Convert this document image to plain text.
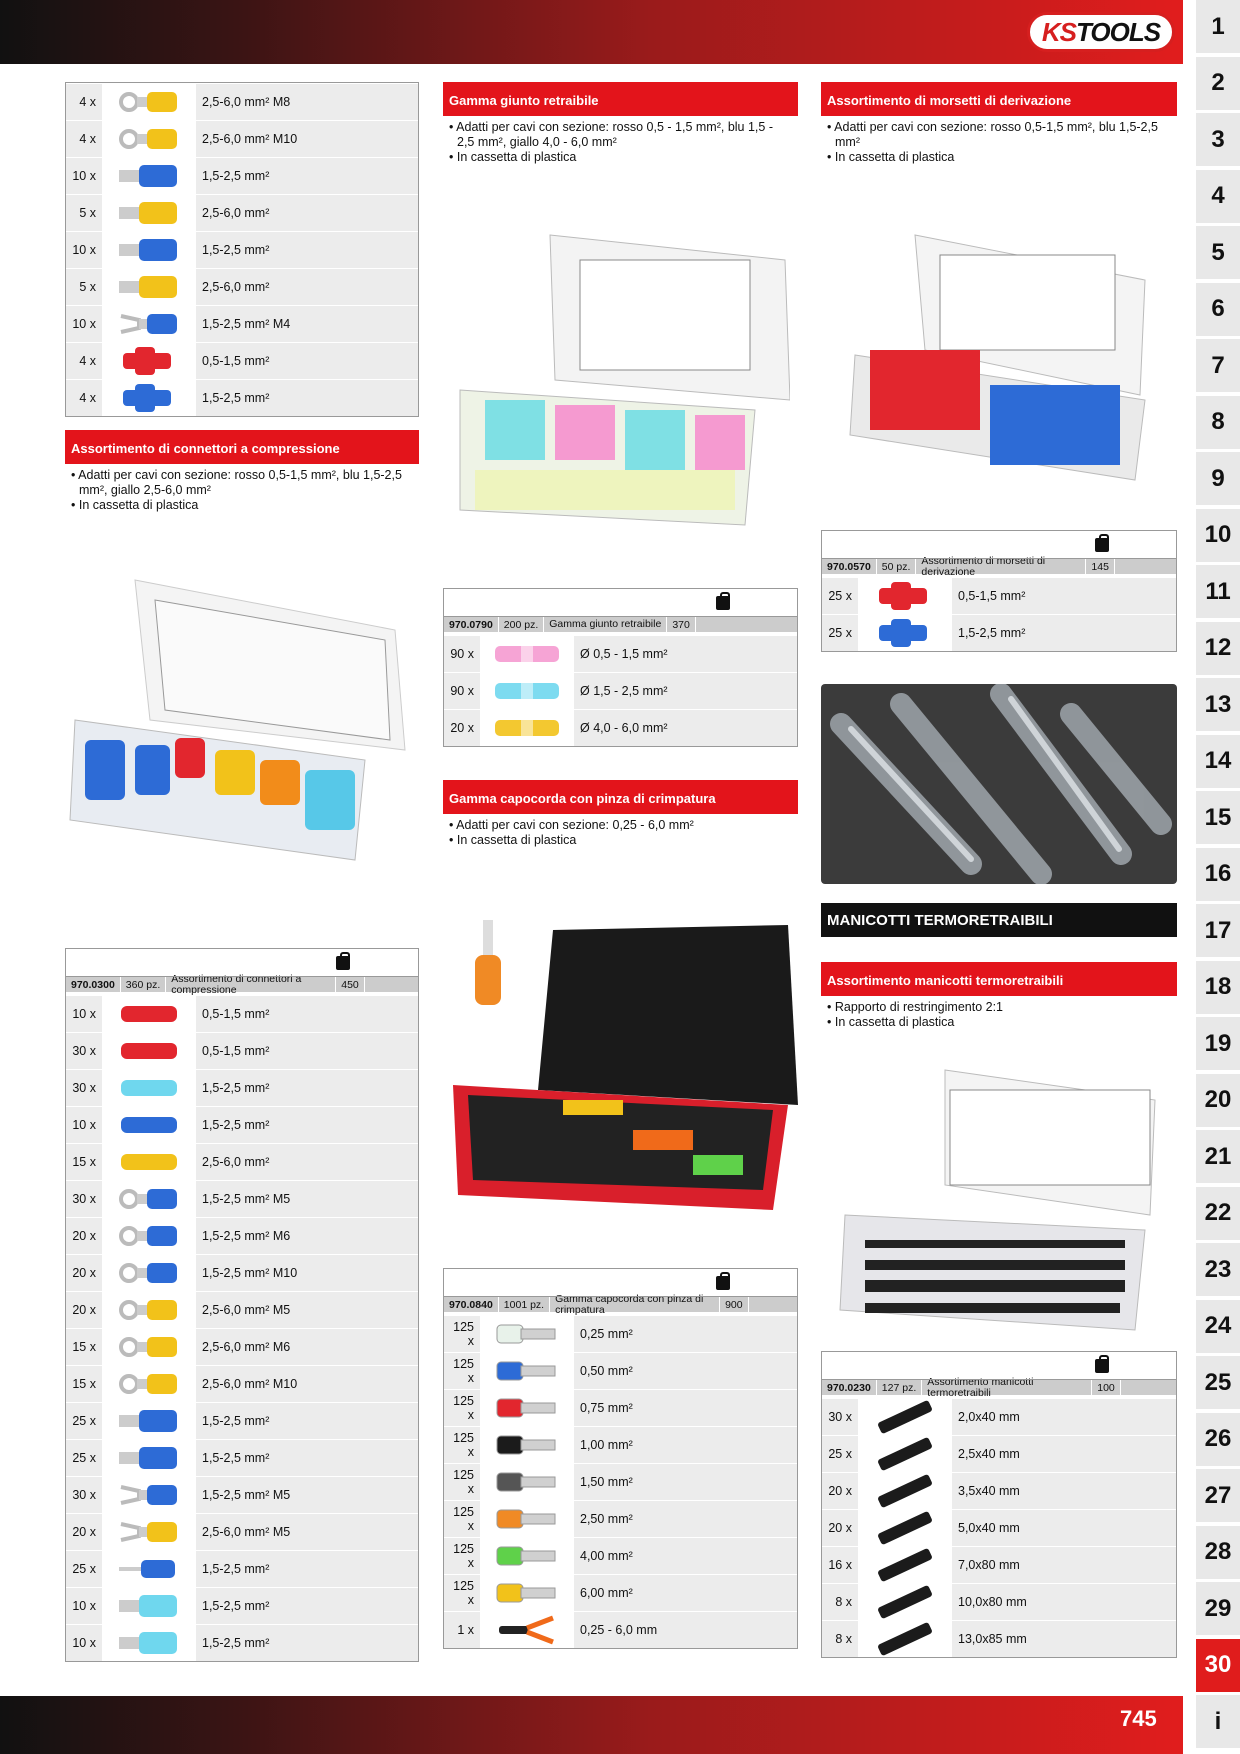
KS TOOLS	1
2
3
4
5
6
7
8
9
10
11
12
13
14
15
16
17
18
19
20
21
22
23
24
25
26
27
28
29
30
i
4 x	2,5-6,0 mm² M8
4 x	2,5-6,0 mm² M10
10 x	1,5-2,5 mm²
5 x	2,5-6,0 mm²
10 x	1,5-2,5 mm²
5 x	2,5-6,0 mm²
10 x	1,5-2,5 mm² M4
4 x	0,5-1,5 mm²
4 x	1,5-2,5 mm²
Assortimento di connettori a compressione
• Adatti per cavi con sezione: rosso 0,5-1,5 mm², blu 1,5-2,5 mm², giallo 2,5-6,0 mm²
• In cassetta di plastica
970.0300	360 pz.	Assortimento di connettori a compressione	450
10 x	0,5-1,5 mm²
30 x	0,5-1,5 mm²
30 x	1,5-2,5 mm²
10 x	1,5-2,5 mm²
15 x	2,5-6,0 mm²
30 x	1,5-2,5 mm² M5
20 x	1,5-2,5 mm² M6
20 x	1,5-2,5 mm² M10
20 x	2,5-6,0 mm² M5
15 x	2,5-6,0 mm² M6
15 x	2,5-6,0 mm² M10
25 x	1,5-2,5 mm²
25 x	1,5-2,5 mm²
30 x	1,5-2,5 mm² M5
20 x	2,5-6,0 mm² M5
25 x	1,5-2,5 mm²
10 x	1,5-2,5 mm²
10 x	1,5-2,5 mm²
Gamma giunto retraibile
• Adatti per cavi con sezione: rosso 0,5 - 1,5 mm², blu 1,5 - 2,5 mm², giallo 4,0 - 6,0 mm²
• In cassetta di plastica
970.0790	200 pz.	Gamma giunto retraibile	370
90 x	Ø 0,5 - 1,5 mm²
90 x	Ø 1,5 - 2,5 mm²
20 x	Ø 4,0 - 6,0 mm²
Gamma capocorda con pinza di crimpatura
• Adatti per cavi con sezione: 0,25 - 6,0 mm²
• In cassetta di plastica
970.0840	1001 pz.	Gamma capocorda con pinza di crimpatura	900
125 x	0,25 mm²
125 x	0,50 mm²
125 x	0,75 mm²
125 x	1,00 mm²
125 x	1,50 mm²
125 x	2,50 mm²
125 x	4,00 mm²
125 x	6,00 mm²
1 x	0,25 - 6,0 mm
Assortimento di morsetti di derivazione
• Adatti per cavi con sezione: rosso 0,5-1,5 mm², blu 1,5-2,5 mm²
• In cassetta di plastica
970.0570	50 pz.	Assortimento di morsetti di derivazione	145
25 x	0,5-1,5 mm²
25 x	1,5-2,5 mm²
MANICOTTI TERMORETRAIBILI
Assortimento manicotti termoretraibili
• Rapporto di restringimento 2:1
• In cassetta di plastica
970.0230	127 pz.	Assortimento manicotti termoretraibili	100
30 x	2,0x40 mm
25 x	2,5x40 mm
20 x	3,5x40 mm
20 x	5,0x40 mm
16 x	7,0x80 mm
8 x	10,0x80 mm
8 x	13,0x85 mm
745
